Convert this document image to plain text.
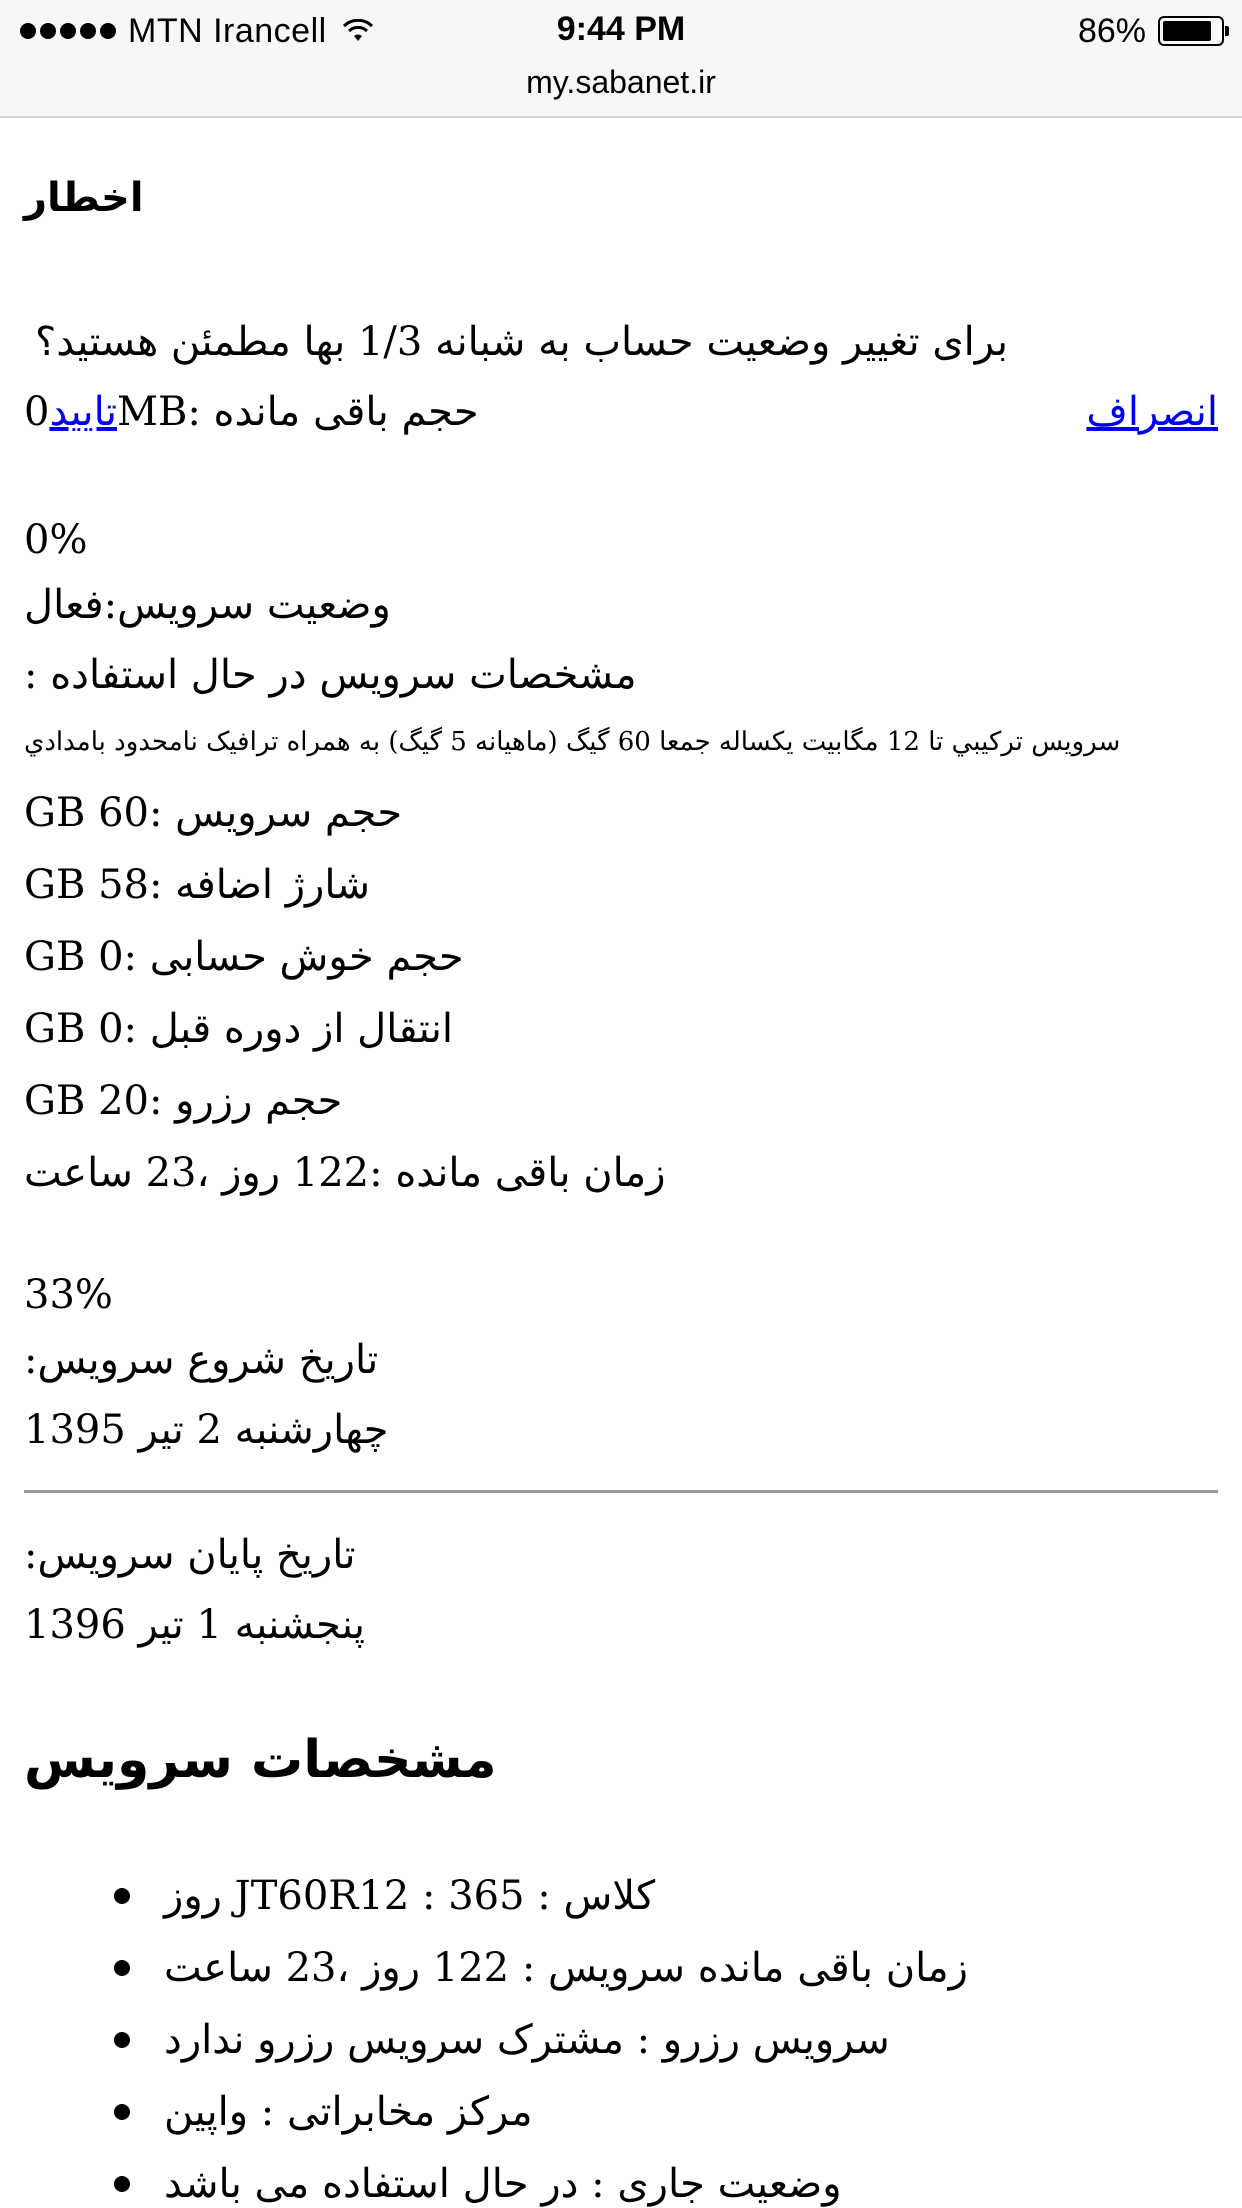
MTN Irancell	9:44 PM	86%
my.sabanet.ir
اخطار
برای تغییر وضعیت حساب به شبانه 1/3 بها مطمئن هستید؟
تایید0MBحجم باقی مانده :	انصراف
0%
وضعیت سرویس:فعال
مشخصات سرویس در حال استفاده :
سرويس ترکيبي تا 12 مگابيت يکساله جمعا 60 گيگ (ماهيانه 5 گيگ) به همراه ترافيک نامحدود بامدادي
حجم سرویس :60 GB
شارژ اضافه :58 GB
حجم خوش حسابی :0 GB
انتقال از دوره قبل :0 GB
حجم رزرو :20 GB
زمان باقی مانده :122 روز ،23 ساعت
33%
تاریخ شروع سرویس:
چهارشنبه 2 تیر 1395
تاریخ پایان سرویس:
پنجشنبه 1 تیر 1396
مشخصات سرویس
کلاس : JT60R12 : 365 روز
زمان باقی مانده سرویس : 122 روز ،23 ساعت
سرویس رزرو : مشترک سرویس رزرو ندارد
مرکز مخابراتی : واپین
وضعیت جاری : در حال استفاده می باشد
